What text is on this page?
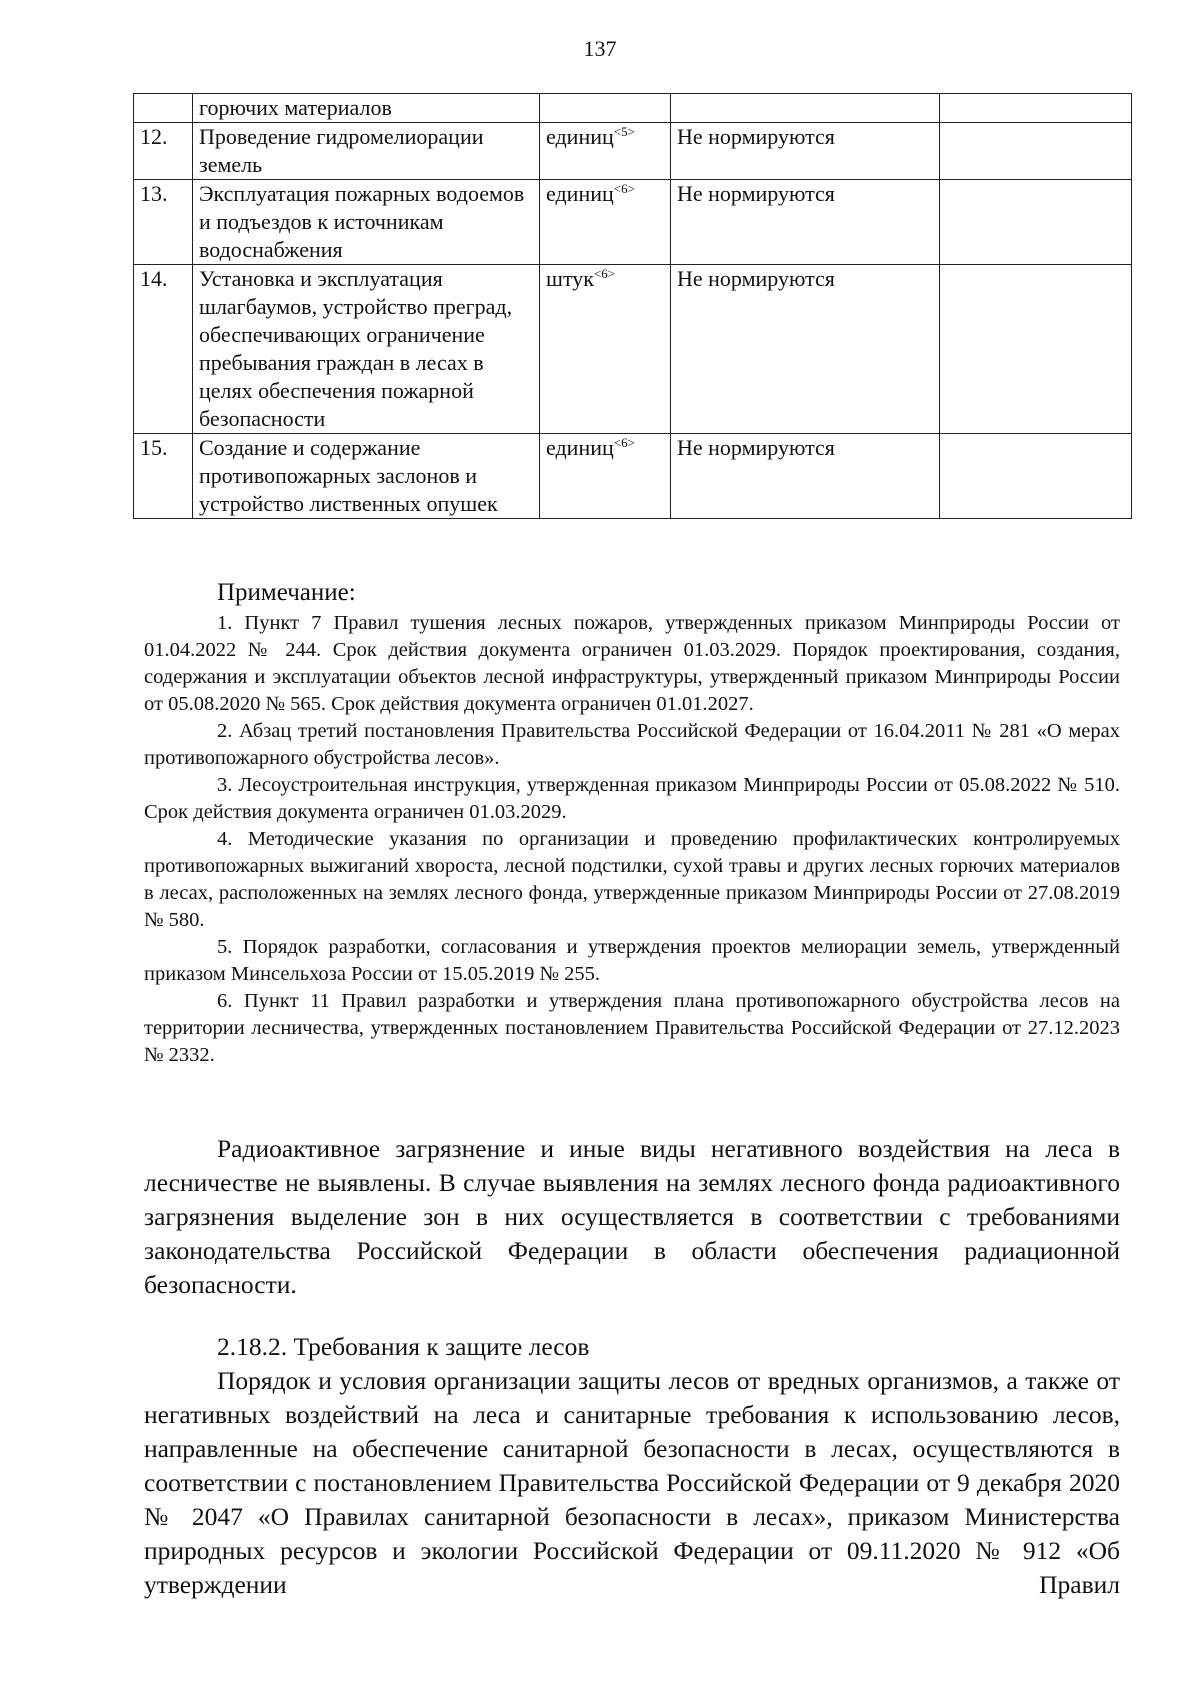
137
	горючих материалов			
12.	Проведение гидромелиорации земель	единиц$^{<5>}$	Не нормируются	
13.	Эксплуатация пожарных водоемов и подъездов к источникам водоснабжения	единиц$^{<6>}$	Не нормируются	
14.	Установка и эксплуатация шлагбаумов, устройство преград, обеспечивающих ограничение пребывания граждан в лесах в целях обеспечения пожарной безопасности	штук$^{<6>}$	Не нормируются	
15.	Создание и содержание противопожарных заслонов и устройство лиственных опушек	единиц$^{<6>}$	Не нормируются	
Примечание:

1. Пункт 7 Правил тушения лесных пожаров, утвержденных приказом Минприроды России от 01.04.2022 № 244. Срок действия документа ограничен 01.03.2029. Порядок проектирования, создания, содержания и эксплуатации объектов лесной инфраструктуры, утвержденный приказом Минприроды России от 05.08.2020 № 565. Срок действия документа ограничен 01.01.2027.

2. Абзац третий постановления Правительства Российской Федерации от 16.04.2011 № 281 «О мерах противопожарного обустройства лесов».

3. Лесоустроительная инструкция, утвержденная приказом Минприроды России от 05.08.2022 № 510. Срок действия документа ограничен 01.03.2029.

4. Методические указания по организации и проведению профилактических контролируемых противопожарных выжиганий хвороста, лесной подстилки, сухой травы и других лесных горючих материалов в лесах, расположенных на землях лесного фонда, утвержденные приказом Минприроды России от 27.08.2019 № 580.

5. Порядок разработки, согласования и утверждения проектов мелиорации земель, утвержденный приказом Минсельхоза России от 15.05.2019 № 255.

6. Пункт 11 Правил разработки и утверждения плана противопожарного обустройства лесов на территории лесничества, утвержденных постановлением Правительства Российской Федерации от 27.12.2023 № 2332.

Радиоактивное загрязнение и иные виды негативного воздействия на леса в лесничестве не выявлены. В случае выявления на землях лесного фонда радиоактивного загрязнения выделение зон в них осуществляется в соответствии с требованиями законодательства Российской Федерации в области обеспечения радиационной безопасности.

2.18.2. Требования к защите лесов

Порядок и условия организации защиты лесов от вредных организмов, а также от негативных воздействий на леса и санитарные требования к использованию лесов, направленные на обеспечение санитарной безопасности в лесах, осуществляются в соответствии с постановлением Правительства Российской Федерации от 9 декабря 2020 № 2047 «О Правилах санитарной безопасности в лесах», приказом Министерства природных ресурсов и экологии Российской Федерации от 09.11.2020 № 912 «Об утверждении Правил
